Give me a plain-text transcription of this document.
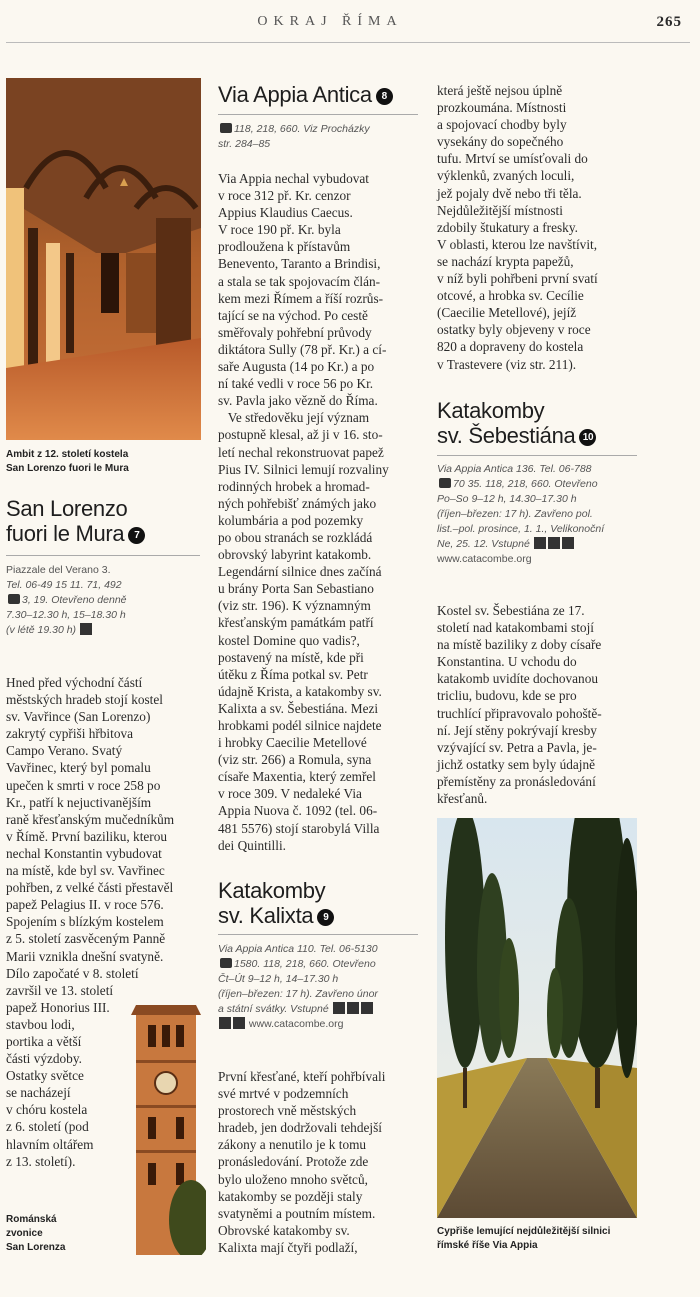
OKRAJ ŘÍMA	265
Ambit z 12. století kostela
San Lorenzo fuori le Mura
San Lorenzo
fuori le Mura 7
Piazzale del Verano 3.
Tel. 06-49 15 11. 71, 492
3, 19. Otevřeno denně
7.30–12.30 h, 15–18.30 h
(v létě 19.30 h)
Hned před východní částí
městských hradeb stojí kostel
sv. Vavřince (San Lorenzo)
zakrytý cypřiši hřbitova
Campo Verano. Svatý
Vavřinec, který byl pomalu
upečen k smrti v roce 258 po
Kr., patří k nejuctivanějším
raně křesťanským mučedníkům
v Římě. První baziliku, kterou
nechal Konstantin vybudovat
na místě, kde byl sv. Vavřinec
pohřben, z velké části přestavěl
papež Pelagius II. v roce 576.
Spojením s blízkým kostelem
z 5. století zasvěceným Panně
Marii vznikla dnešní svatyně.
Dílo započaté v 8. století
završil ve 13. století
papež Honorius III.
stavbou lodi,
portika a větší
části výzdoby.
Ostatky světce
se nacházejí
v chóru kostela
z 6. století (pod
hlavním oltářem
z 13. století).
Románská
zvonice
San Lorenza
Via Appia Antica 8
118, 218, 660. Viz Procházky
str. 284–85
Via Appia nechal vybudovat
v roce 312 př. Kr. cenzor
Appius Klaudius Caecus.
V roce 190 př. Kr. byla
prodloužena k přístavům
Benevento, Taranto a Brindisi,
a stala se tak spojovacím člán-
kem mezi Římem a říší rozrůs-
tající se na východ. Po cestě
směřovaly pohřební průvody
diktátora Sully (78 př. Kr.) a cí-
saře Augusta (14 po Kr.) a po
ní také vedli v roce 56 po Kr.
sv. Pavla jako vězně do Říma.
Ve středověku její význam
postupně klesal, až ji v 16. sto-
letí nechal rekonstruovat papež
Pius IV. Silnici lemují rozvaliny
rodinných hrobek a hromad-
ných pohřebišť známých jako
kolumbária a pod pozemky
po obou stranách se rozkládá
obrovský labyrint katakomb.
Legendární silnice dnes začíná
u brány Porta San Sebastiano
(viz str. 196). K významným
křesťanským památkám patří
kostel Domine quo vadis?,
postavený na místě, kde při
útěku z Říma potkal sv. Petr
údajně Krista, a katakomby sv.
Kalixta a sv. Šebestiána. Mezi
hrobkami podél silnice najdete
i hrobky Caecilie Metellové
(viz str. 266) a Romula, syna
císaře Maxentia, který zemřel
v roce 309. V nedaleké Via
Appia Nuova č. 1092 (tel. 06-
481 5576) stojí starobylá Villa
dei Quintilli.
Katakomby
sv. Kalixta 9
Via Appia Antica 110. Tel. 06-5130
1580. 118, 218, 660. Otevřeno
Čt–Út 9–12 h, 14–17.30 h
(říjen–březen: 17 h). Zavřeno únor
a státní svátky. Vstupné
www.catacombe.org
První křesťané, kteří pohřbívali
své mrtvé v podzemních
prostorech vně městských
hradeb, jen dodržovali tehdejší
zákony a nenutilo je k tomu
pronásledování. Protože zde
bylo uloženo mnoho světců,
katakomby se později staly
svatyněmi a poutním místem.
Obrovské katakomby sv.
Kalixta mají čtyři podlaží,
která ještě nejsou úplně
prozkoumána. Místnosti
a spojovací chodby byly
vysekány do sopečného
tufu. Mrtví se umísťovali do
výklenků, zvaných loculi,
jež pojaly dvě nebo tři těla.
Nejdůležitější místnosti
zdobily štukatury a fresky.
V oblasti, kterou lze navštívit,
se nachází krypta papežů,
v níž byli pohřbeni první svatí
otcové, a hrobka sv. Cecílie
(Caecilie Metellové), jejíž
ostatky byly objeveny v roce
820 a dopraveny do kostela
v Trastevere (viz str. 211).
Katakomby
sv. Šebestiána 10
Via Appia Antica 136. Tel. 06-788
70 35. 118, 218, 660. Otevřeno
Po–So 9–12 h, 14.30–17.30 h
(říjen–březen: 17 h). Zavřeno pol.
list.–pol. prosince, 1. 1., Velikonoční
Ne, 25. 12. Vstupné
www.catacombe.org
Kostel sv. Šebestiána ze 17.
století nad katakombami stojí
na místě baziliky z doby císaře
Konstantina. U vchodu do
katakomb uvidíte dochovanou
tricliu, budovu, kde se pro
truchlící připravovalo pohoště-
ní. Její stěny pokrývají kresby
vzývající sv. Petra a Pavla, je-
jichž ostatky sem byly údajně
přemístěny za pronásledování
křesťanů.
Cypřiše lemující nejdůležitější silnici
římské říše Via Appia
